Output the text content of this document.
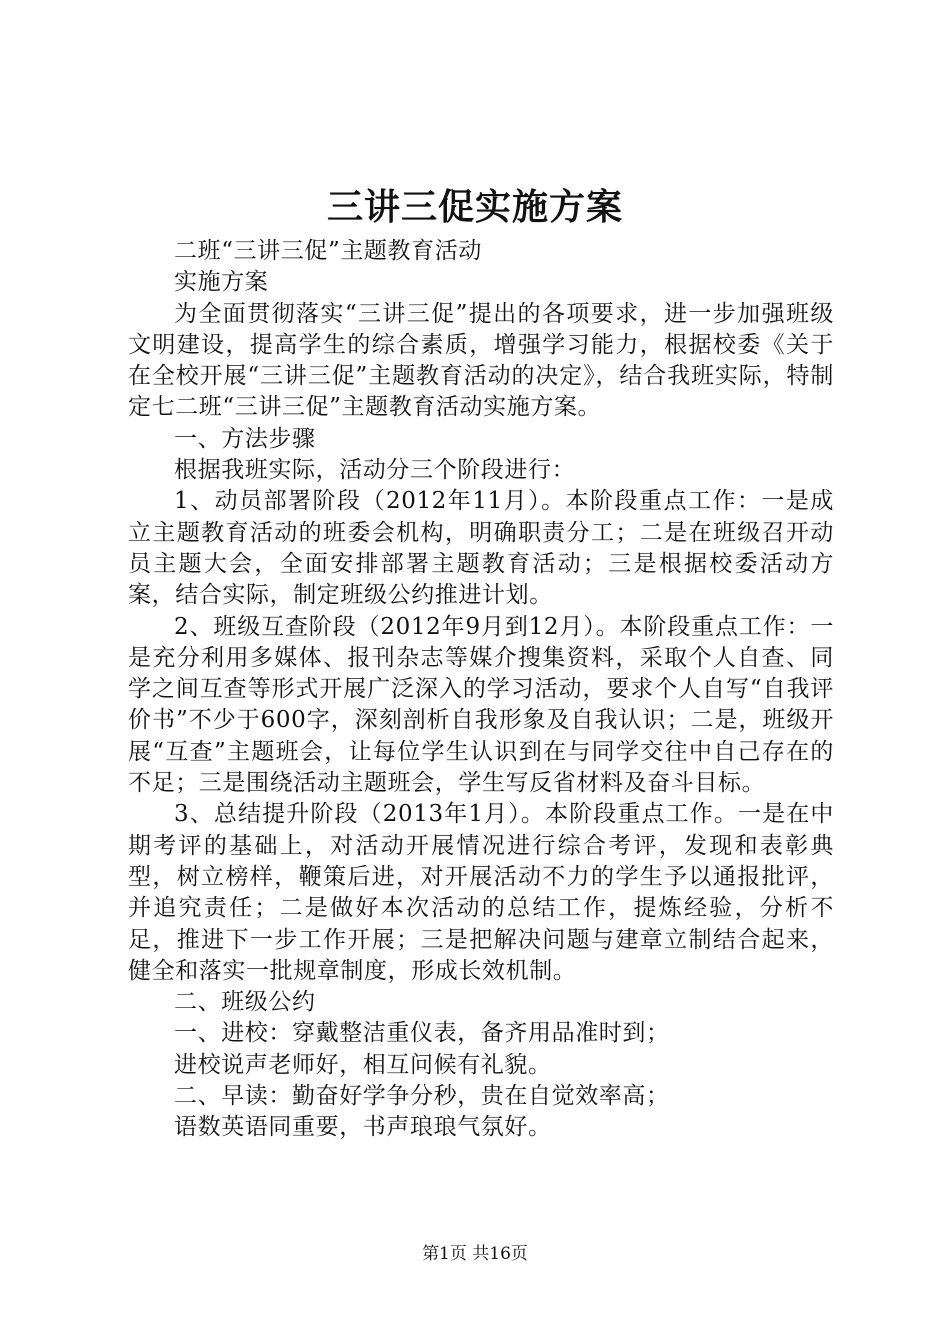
三讲三促实施方案

二班“三讲三促”主题教育活动

实施方案

为全面贯彻落实“三讲三促”提出的各项要求，进一步加强班级文明建设，提高学生的综合素质，增强学习能力，根据校委《关于在全校开展“三讲三促”主题教育活动的决定》，结合我班实际，特制定七二班“三讲三促”主题教育活动实施方案。

一、方法步骤

根据我班实际，活动分三个阶段进行：

1、动员部署阶段（2012年11月）。本阶段重点工作：一是成立主题教育活动的班委会机构，明确职责分工；二是在班级召开动员主题大会，全面安排部署主题教育活动；三是根据校委活动方案，结合实际，制定班级公约推进计划。

2、班级互查阶段（2012年9月到12月）。本阶段重点工作：一是充分利用多媒体、报刊杂志等媒介搜集资料，采取个人自查、同学之间互查等形式开展广泛深入的学习活动，要求个人自写“自我评价书”不少于600字，深刻剖析自我形象及自我认识；二是，班级开展“互查”主题班会，让每位学生认识到在与同学交往中自己存在的不足；三是围绕活动主题班会，学生写反省材料及奋斗目标。

3、总结提升阶段（2013年1月）。本阶段重点工作。一是在中期考评的基础上，对活动开展情况进行综合考评，发现和表彰典型，树立榜样，鞭策后进，对开展活动不力的学生予以通报批评，并追究责任；二是做好本次活动的总结工作，提炼经验，分析不足，推进下一步工作开展；三是把解决问题与建章立制结合起来，健全和落实一批规章制度，形成长效机制。

二、班级公约

一、进校：穿戴整洁重仪表，备齐用品准时到；

进校说声老师好，相互问候有礼貌。

二、早读：勤奋好学争分秒，贵在自觉效率高；

语数英语同重要，书声琅琅气氛好。

第1页 共16页
